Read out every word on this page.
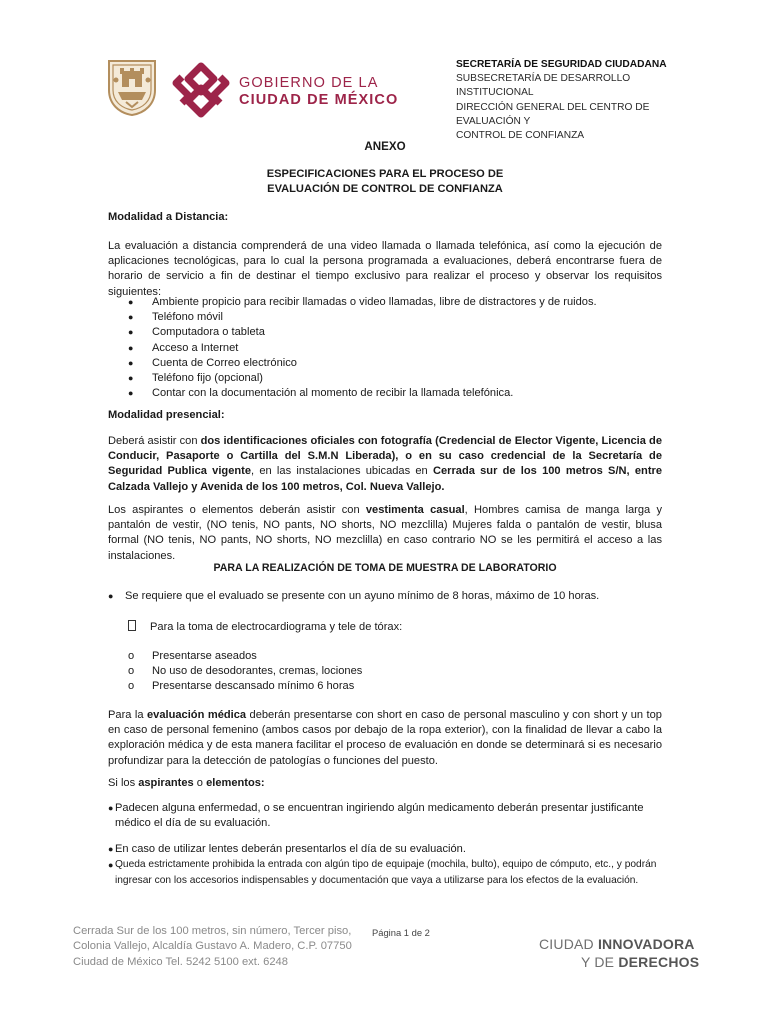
GOBIERNO DE LA
CIUDAD DE MÉXICO
SECRETARÍA DE SEGURIDAD CIUDADANA
SUBSECRETARÍA DE DESARROLLO INSTITUCIONAL
DIRECCIÓN GENERAL DEL CENTRO DE EVALUACIÓN Y
CONTROL DE CONFIANZA
ANEXO
ESPECIFICACIONES PARA EL PROCESO DE
EVALUACIÓN DE CONTROL DE CONFIANZA
Modalidad a Distancia:
La evaluación a distancia comprenderá de una video llamada o llamada telefónica, así como la ejecución de aplicaciones tecnológicas, para lo cual la persona programada a evaluaciones, deberá encontrarse fuera de horario de servicio a fin de destinar el tiempo exclusivo para realizar el proceso y observar los requisitos siguientes:
● Ambiente propicio para recibir llamadas o video llamadas, libre de distractores y de ruidos.
● Teléfono móvil
● Computadora o tableta
● Acceso a Internet
● Cuenta de Correo electrónico
● Teléfono fijo (opcional)
● Contar con la documentación al momento de recibir la llamada telefónica.
Modalidad presencial:
Deberá asistir con dos identificaciones oficiales con fotografía (Credencial de Elector Vigente, Licencia de Conducir, Pasaporte o Cartilla del S.M.N Liberada), o en su caso credencial de la Secretaría de Seguridad Publica vigente, en las instalaciones ubicadas en Cerrada sur de los 100 metros S/N, entre Calzada Vallejo y Avenida de los 100 metros, Col. Nueva Vallejo.
Los aspirantes o elementos deberán asistir con vestimenta casual, Hombres camisa de manga larga y pantalón de vestir, (NO tenis, NO pants, NO shorts, NO mezclilla) Mujeres falda o pantalón de vestir, blusa formal (NO tenis, NO pants, NO shorts, NO mezclilla) en caso contrario NO se les permitirá el acceso a las instalaciones.
PARA LA REALIZACIÓN DE TOMA DE MUESTRA DE LABORATORIO
● Se requiere que el evaluado se presente con un ayuno mínimo de 8 horas, máximo de 10 horas.
Para la toma de electrocardiograma y tele de tórax:
o Presentarse aseados
o No uso de desodorantes, cremas, lociones
o Presentarse descansado mínimo 6 horas
Para la evaluación médica deberán presentarse con short en caso de personal masculino y con short y un top en caso de personal femenino (ambos casos por debajo de la ropa exterior), con la finalidad de llevar a cabo la exploración médica y de esta manera facilitar el proceso de evaluación en donde se determinará si es necesario profundizar para la detección de patologías o funciones del puesto.
Si los aspirantes o elementos:
● Padecen alguna enfermedad, o se encuentran ingiriendo algún medicamento deberán presentar justificante médico el día de su evaluación.
● En caso de utilizar lentes deberán presentarlos el día de su evaluación.
● Queda estrictamente prohibida la entrada con algún tipo de equipaje (mochila, bulto), equipo de cómputo, etc., y podrán ingresar con los accesorios indispensables y documentación que vaya a utilizarse para los efectos de la evaluación.
Cerrada Sur de los 100 metros, sin número, Tercer piso,
Colonia Vallejo, Alcaldía Gustavo A. Madero, C.P. 07750
Ciudad de México Tel. 5242 5100 ext. 6248
Página 1 de 2
CIUDAD INNOVADORA
Y DE DERECHOS
